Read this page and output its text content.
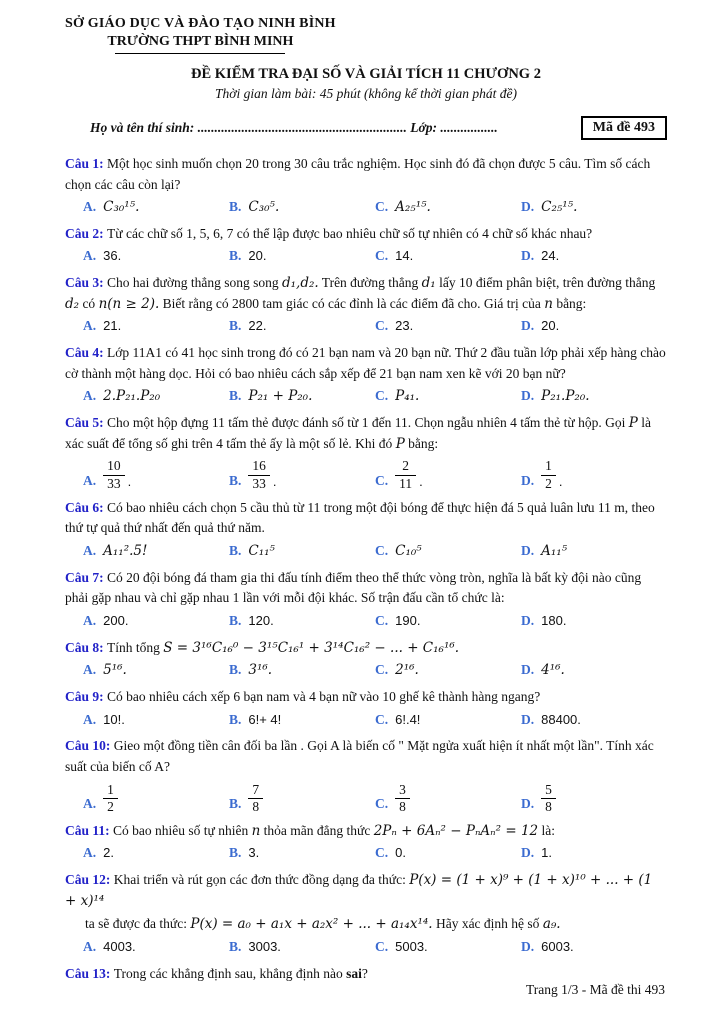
SỞ GIÁO DỤC VÀ ĐÀO TẠO NINH BÌNH
TRƯỜNG THPT BÌNH MINH
ĐỀ KIỂM TRA ĐẠI SỐ VÀ GIẢI TÍCH 11 CHƯƠNG 2
Thời gian làm bài: 45 phút (không kể thời gian phát đề)
Họ và tên thí sinh: .............................................................. Lớp: .................	Mã đề 493

Câu 1: Một học sinh muốn chọn 20 trong 30 câu trắc nghiệm. Học sinh đó đã chọn được 5 câu. Tìm số cách chọn các câu còn lại?

A. C₃₀¹⁵.	B. C₃₀⁵.	C. A₂₅¹⁵.	D. C₂₅¹⁵.

Câu 2: Từ các chữ số 1, 5, 6, 7 có thể lập được bao nhiêu chữ số tự nhiên có 4 chữ số khác nhau?

A. 36.	B. 20.	C. 14.	D. 24.

Câu 3: Cho hai đường thẳng song song d₁,d₂. Trên đường thẳng d₁ lấy 10 điểm phân biệt, trên đường thẳng d₂ có n(n ≥ 2). Biết rằng có 2800 tam giác có các đỉnh là các điểm đã cho. Giá trị của n bằng:

A. 21.	B. 22.	C. 23.	D. 20.

Câu 4: Lớp 11A1 có 41 học sinh trong đó có 21 bạn nam và 20 bạn nữ. Thứ 2 đầu tuần lớp phải xếp hàng chào cờ thành một hàng dọc. Hỏi có bao nhiêu cách sắp xếp để 21 bạn nam xen kẽ với 20 bạn nữ?

A. 2.P₂₁.P₂₀	B. P₂₁ + P₂₀.	C. P₄₁.	D. P₂₁.P₂₀.

Câu 5: Cho một hộp đựng 11 tấm thẻ được đánh số từ 1 đến 11. Chọn ngẫu nhiên 4 tấm thẻ từ hộp. Gọi P là xác suất để tổng số ghi trên 4 tấm thẻ ấy là một số lẻ. Khi đó P bằng:

A. $\frac{10}{33}$ .	B. $\frac{16}{33}$ .	C. $\frac{2}{11}$ .	D. $\frac{1}{2}$ .

Câu 6: Có bao nhiêu cách chọn 5 cầu thủ từ 11 trong một đội bóng để thực hiện đá 5 quả luân lưu 11 m, theo thứ tự quả thứ nhất đến quả thứ năm.

A. A₁₁².5!	B. C₁₁⁵	C. C₁₀⁵	D. A₁₁⁵

Câu 7: Có 20 đội bóng đá tham gia thi đấu tính điểm theo thể thức vòng tròn, nghĩa là bất kỳ đội nào cũng phải gặp nhau và chỉ gặp nhau 1 lần với mỗi đội khác. Số trận đấu cần tổ chức là:

A. 200.	B. 120.	C. 190.	D. 180.

Câu 8: Tính tổng S = 3¹⁶C₁₆⁰ − 3¹⁵C₁₆¹ + 3¹⁴C₁₆² − ... + C₁₆¹⁶.

A. 5¹⁶.	B. 3¹⁶.	C. 2¹⁶.	D. 4¹⁶.

Câu 9: Có bao nhiêu cách xếp 6 bạn nam và 4 bạn nữ vào 10 ghế kê thành hàng ngang?

A. 10!.	B. 6!+ 4!	C. 6!.4!	D. 88400.

Câu 10: Gieo một đồng tiền cân đối ba lần . Gọi A là biến cố " Mặt ngửa xuất hiện ít nhất một lần". Tính xác suất của biến cố A?

A. $\frac{1}{2}$	B. $\frac{7}{8}$	C. $\frac{3}{8}$	D. $\frac{5}{8}$

Câu 11: Có bao nhiêu số tự nhiên n thỏa mãn đẳng thức 2Pₙ + 6Aₙ² − PₙAₙ² = 12 là:

A. 2.	B. 3.	C. 0.	D. 1.

Câu 12: Khai triển và rút gọn các đơn thức đồng dạng đa thức: P(x) = (1 + x)⁹ + (1 + x)¹⁰ + ... + (1 + x)¹⁴

ta sẽ được đa thức: P(x) = a₀ + a₁x + a₂x² + ... + a₁₄x¹⁴. Hãy xác định hệ số a₉.

A. 4003.	B. 3003.	C. 5003.	D. 6003.

Câu 13: Trong các khẳng định sau, khẳng định nào sai?

Trang 1/3 - Mã đề thi 493
